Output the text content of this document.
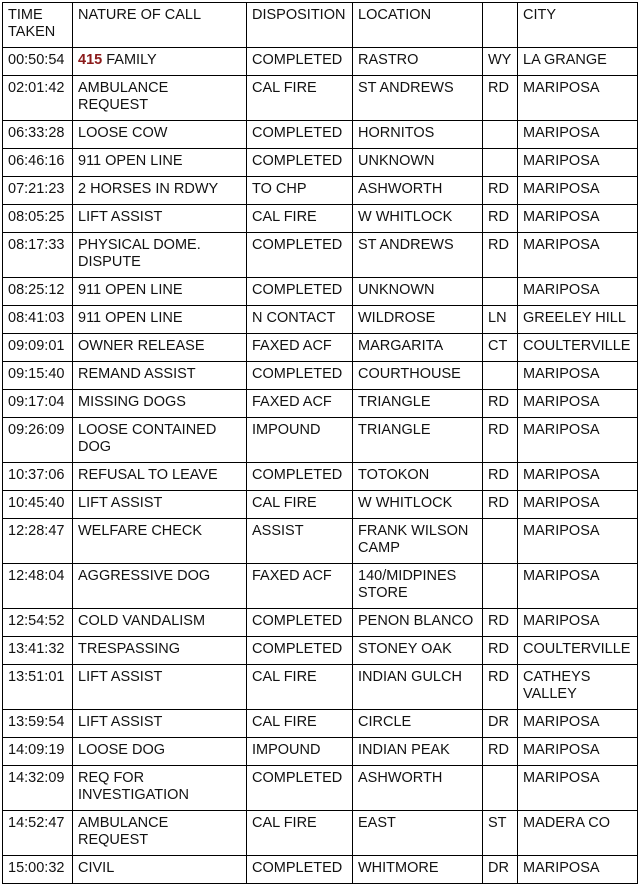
TIME TAKEN	NATURE OF CALL	DISPOSITION	LOCATION		CITY
00:50:54	415 FAMILY	COMPLETED	RASTRO	WY	LA GRANGE
02:01:42	AMBULANCE REQUEST	CAL FIRE	ST ANDREWS	RD	MARIPOSA
06:33:28	LOOSE COW	COMPLETED	HORNITOS		MARIPOSA
06:46:16	911 OPEN LINE	COMPLETED	UNKNOWN		MARIPOSA
07:21:23	2 HORSES IN RDWY	TO CHP	ASHWORTH	RD	MARIPOSA
08:05:25	LIFT ASSIST	CAL FIRE	W WHITLOCK	RD	MARIPOSA
08:17:33	PHYSICAL DOME. DISPUTE	COMPLETED	ST ANDREWS	RD	MARIPOSA
08:25:12	911 OPEN LINE	COMPLETED	UNKNOWN		MARIPOSA
08:41:03	911 OPEN LINE	N CONTACT	WILDROSE	LN	GREELEY HILL
09:09:01	OWNER RELEASE	FAXED ACF	MARGARITA	CT	COULTERVILLE
09:15:40	REMAND ASSIST	COMPLETED	COURTHOUSE		MARIPOSA
09:17:04	MISSING DOGS	FAXED ACF	TRIANGLE	RD	MARIPOSA
09:26:09	LOOSE CONTAINED DOG	IMPOUND	TRIANGLE	RD	MARIPOSA
10:37:06	REFUSAL TO LEAVE	COMPLETED	TOTOKON	RD	MARIPOSA
10:45:40	LIFT ASSIST	CAL FIRE	W WHITLOCK	RD	MARIPOSA
12:28:47	WELFARE CHECK	ASSIST	FRANK WILSON CAMP		MARIPOSA
12:48:04	AGGRESSIVE DOG	FAXED ACF	140/MIDPINES STORE		MARIPOSA
12:54:52	COLD VANDALISM	COMPLETED	PENON BLANCO	RD	MARIPOSA
13:41:32	TRESPASSING	COMPLETED	STONEY OAK	RD	COULTERVILLE
13:51:01	LIFT ASSIST	CAL FIRE	INDIAN GULCH	RD	CATHEYS VALLEY
13:59:54	LIFT ASSIST	CAL FIRE	CIRCLE	DR	MARIPOSA
14:09:19	LOOSE DOG	IMPOUND	INDIAN PEAK	RD	MARIPOSA
14:32:09	REQ FOR INVESTIGATION	COMPLETED	ASHWORTH		MARIPOSA
14:52:47	AMBULANCE REQUEST	CAL FIRE	EAST	ST	MADERA CO
15:00:32	CIVIL	COMPLETED	WHITMORE	DR	MARIPOSA
